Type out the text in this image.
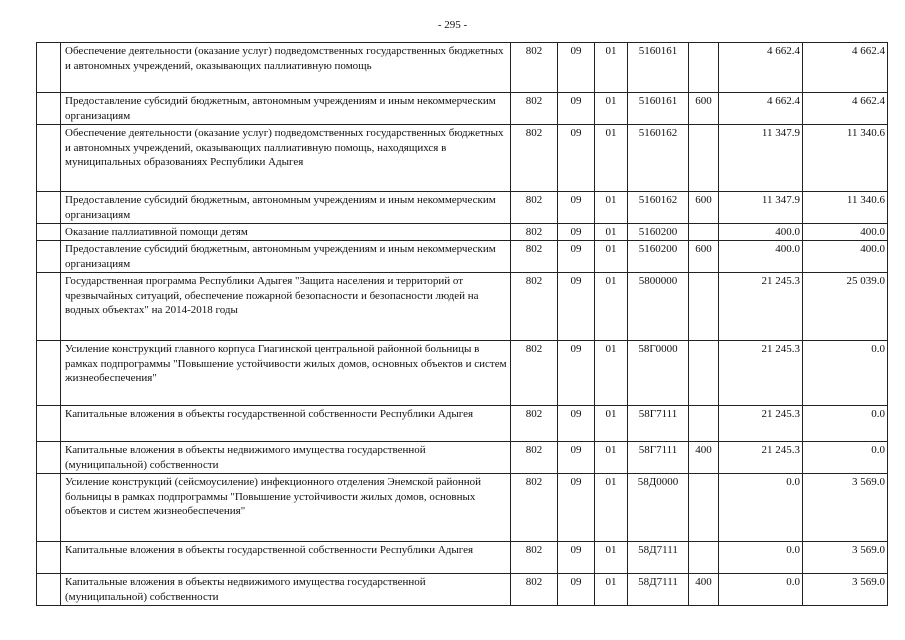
- 295 -
	Обеспечение деятельности (оказание услуг) подведомственных государственных бюджетных и автономных учреждений, оказывающих паллиативную помощь	802	09	01	5160161		4 662.4	4 662.4
	Предоставление субсидий бюджетным, автономным учреждениям и иным некоммерческим организациям	802	09	01	5160161	600	4 662.4	4 662.4
	Обеспечение деятельности (оказание услуг) подведомственных государственных бюджетных и автономных учреждений, оказывающих паллиативную помощь, находящихся в муниципальных образованиях Республики Адыгея	802	09	01	5160162		11 347.9	11 340.6
	Предоставление субсидий бюджетным, автономным учреждениям и иным некоммерческим организациям	802	09	01	5160162	600	11 347.9	11 340.6
	Оказание паллиативной помощи детям	802	09	01	5160200		400.0	400.0
	Предоставление субсидий бюджетным, автономным учреждениям и иным некоммерческим организациям	802	09	01	5160200	600	400.0	400.0
	Государственная программа Республики Адыгея "Защита населения и территорий от чрезвычайных ситуаций, обеспечение пожарной безопасности и безопасности людей на водных объектах" на 2014-2018 годы	802	09	01	5800000		21 245.3	25 039.0
	Усиление конструкций главного корпуса Гиагинской центральной районной больницы в рамках подпрограммы "Повышение устойчивости жилых домов, основных объектов и систем жизнеобеспечения"	802	09	01	58Г0000		21 245.3	0.0
	Капитальные вложения в объекты государственной собственности Республики Адыгея	802	09	01	58Г7111		21 245.3	0.0
	Капитальные вложения в объекты недвижимого имущества государственной (муниципальной) собственности	802	09	01	58Г7111	400	21 245.3	0.0
	Усиление конструкций (сейсмоусиление) инфекционного отделения Энемской районной больницы в рамках подпрограммы "Повышение устойчивости жилых домов, основных объектов и систем жизнеобеспечения"	802	09	01	58Д0000		0.0	3 569.0
	Капитальные вложения в объекты государственной собственности Республики Адыгея	802	09	01	58Д7111		0.0	3 569.0
	Капитальные вложения в объекты недвижимого имущества государственной (муниципальной) собственности	802	09	01	58Д7111	400	0.0	3 569.0
